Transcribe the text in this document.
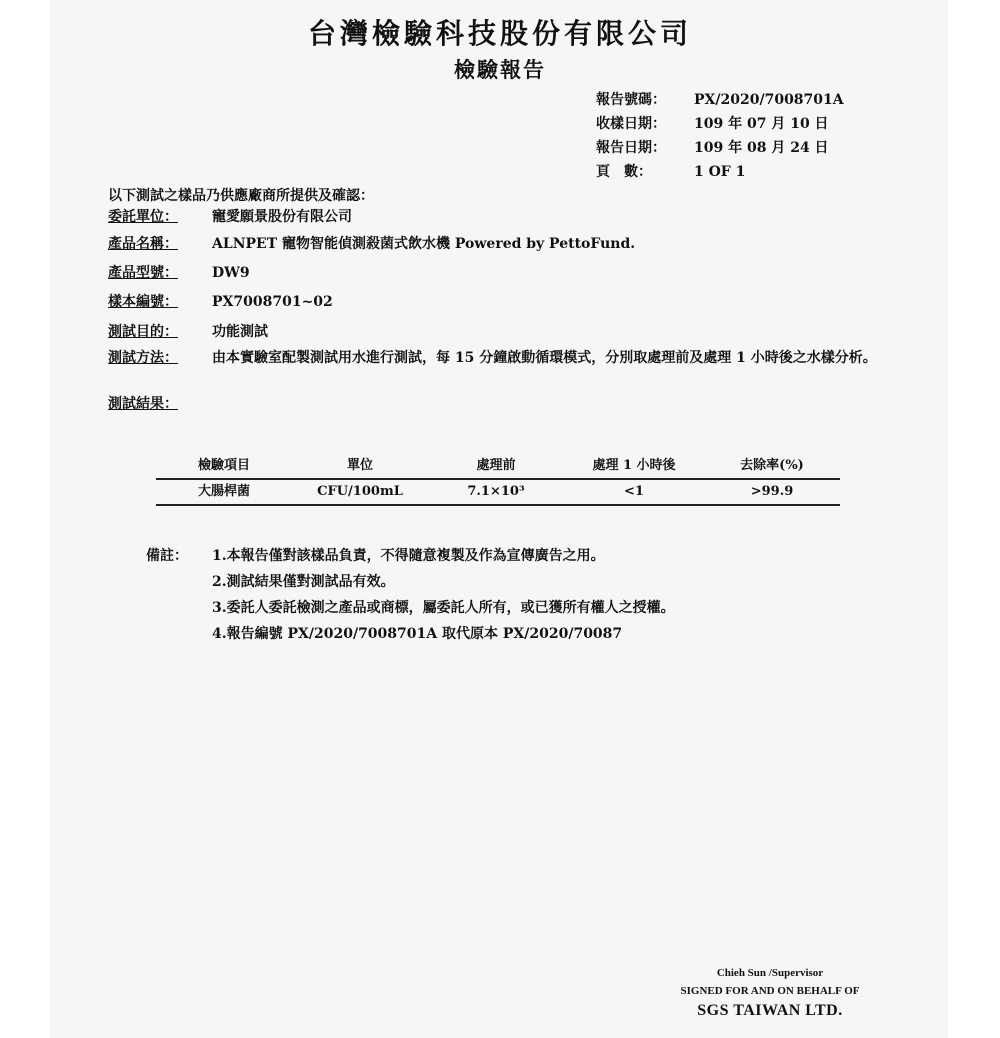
台灣檢驗科技股份有限公司
檢驗報告
報告號碼： PX/2020/7008701A
收樣日期： 109 年 07 月 10 日
報告日期： 109 年 08 月 24 日
頁　數：	1 OF 1
以下測試之樣品乃供應廠商所提供及確認：
委託單位：	寵愛願景股份有限公司
產品名稱：	ALNPET 寵物智能偵測殺菌式飲水機 Powered by PettoFund.
產品型號：	DW9
樣本編號：	PX7008701~02
測試目的：	功能測試
測試方法：	由本實驗室配製測試用水進行測試，每 15 分鐘啟動循環模式，分別取處理前及處理 1 小時後之水樣分析。
測試結果：
檢驗項目	單位	處理前	處理 1 小時後	去除率(%)
大腸桿菌	CFU/100mL	7.1×10³	<1	>99.9
備註：	1.本報告僅對該樣品負責，不得隨意複製及作為宣傳廣告之用。
2.測試結果僅對測試品有效。
3.委託人委託檢測之產品或商標，屬委託人所有，或已獲所有權人之授權。
4.報告編號 PX/2020/7008701A 取代原本 PX/2020/70087
Chieh Sun /Supervisor
SIGNED FOR AND ON BEHALF OF
SGS TAIWAN LTD.
